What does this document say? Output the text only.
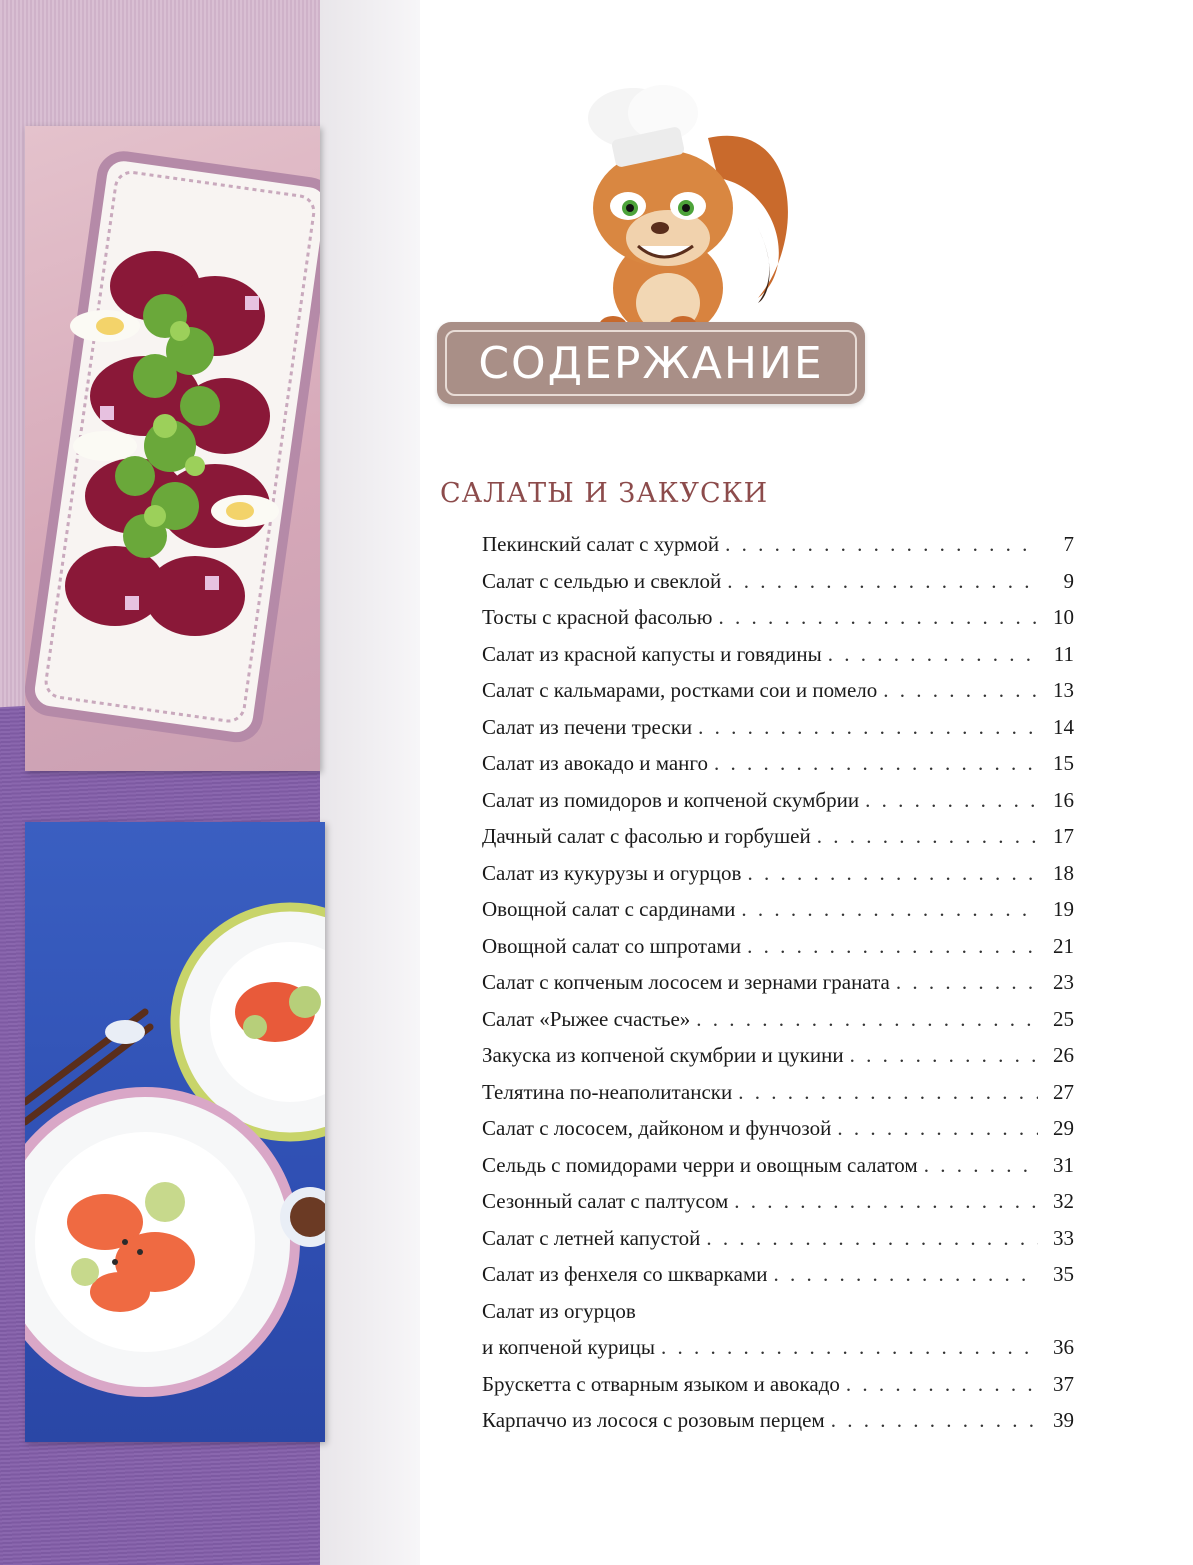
СОДЕРЖАНИЕ
САЛАТЫ И ЗАКУСКИ
Пекинский салат с хурмой . . .	7
Салат с сельдью и свеклой . . .	9
Тосты с красной фасолью . . .	10
Салат из красной капусты и говядины . . .	11
Салат с кальмарами, ростками сои и помело . . .	13
Салат из печени трески . . .	14
Салат из авокадо и манго . . .	15
Салат из помидоров и копченой скумбрии . . .	16
Дачный салат с фасолью и горбушей . . .	17
Салат из кукурузы и огурцов . . .	18
Овощной салат с сардинами . . .	19
Овощной салат со шпротами . . .	21
Салат с копченым лососем и зернами граната . . .	23
Салат «Рыжее счастье» . . .	25
Закуска из копченой скумбрии и цукини . . .	26
Телятина по-неаполитански . . .	27
Салат с лососем, дайконом и фунчозой . . .	29
Сельдь с помидорами черри и овощным салатом . . .	31
Сезонный салат с палтусом . . .	32
Салат с летней капустой . . .	33
Салат из фенхеля со шкварками . . .	35
Салат из огурцов
и копченой курицы . . .	36
Брускетта с отварным языком и авокадо . . .	37
Карпаччо из лосося с розовым перцем . . .	39
